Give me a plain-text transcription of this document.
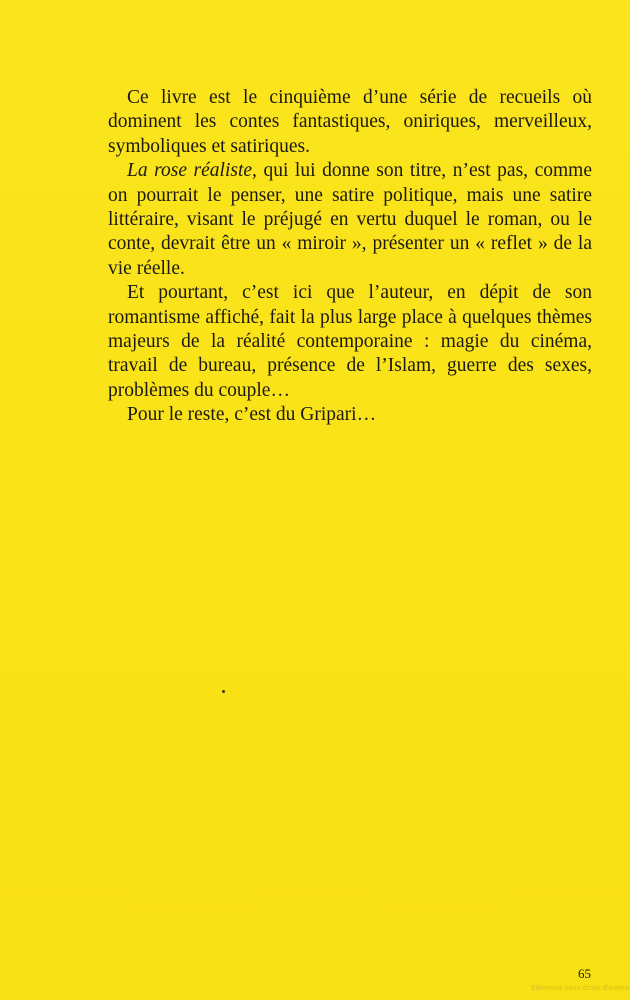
Ce livre est le cinquième d’une série de recueils où dominent les contes fantastiques, oniriques, merveilleux, symboliques et satiriques.

La rose réaliste, qui lui donne son titre, n’est pas, comme on pourrait le penser, une satire politique, mais une satire littéraire, visant le préjugé en vertu duquel le roman, ou le conte, devrait être un « miroir », présenter un « reflet » de la vie réelle.

Et pourtant, c’est ici que l’auteur, en dépit de son romantisme affiché, fait la plus large place à quelques thèmes majeurs de la réalité contemporaine : magie du cinéma, travail de bureau, présence de l’Islam, guerre des sexes, problèmes du couple…

Pour le reste, c’est du Gripari…

65
Eléments sous droits d'auteur
